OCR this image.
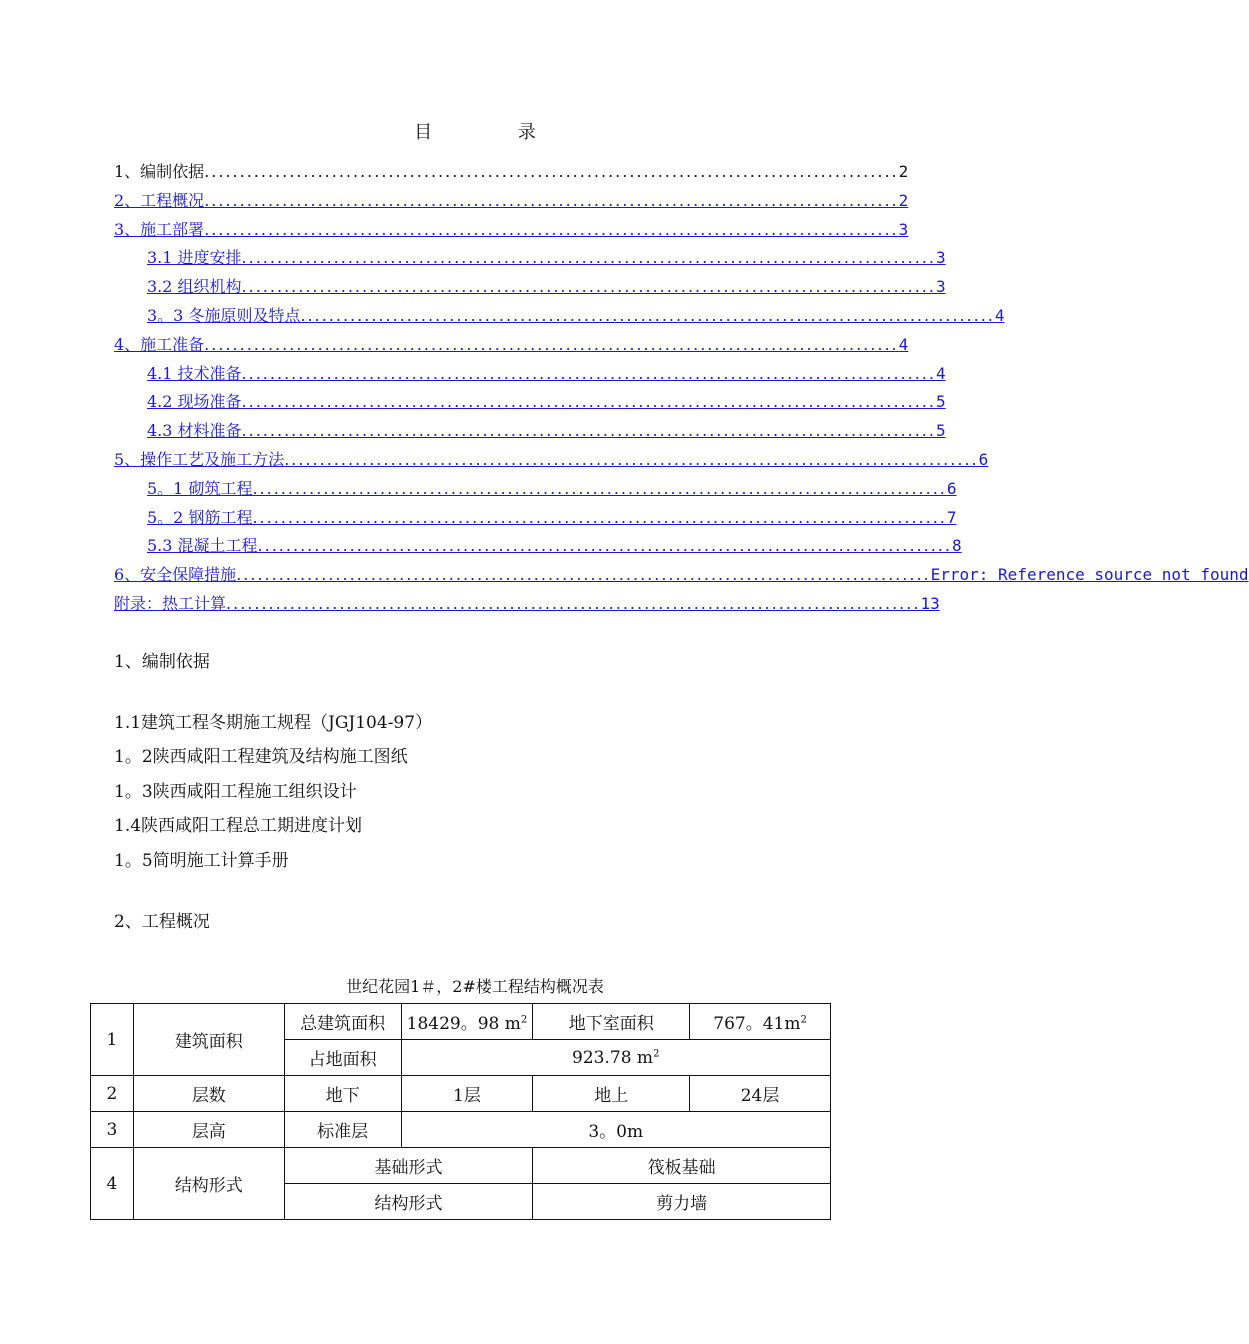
目 录
1、编制依据 .................................................................................................. 2
2、工程概况 .................................................................................................. 2
3、施工部署 .................................................................................................. 3
3.1 进度安排 .................................................................................................. 3
3.2 组织机构 .................................................................................................. 3
3。3 冬施原则及特点 .................................................................................................. 4
4、施工准备 .................................................................................................. 4
4.1 技术准备 .................................................................................................. 4
4.2 现场准备 .................................................................................................. 5
4.3 材料准备 .................................................................................................. 5
5、操作工艺及施工方法 .................................................................................................. 6
5。1 砌筑工程 .................................................................................................. 6
5。2 钢筋工程 .................................................................................................. 7
5.3 混凝土工程 .................................................................................................. 8
6、安全保障措施 .................................................................................................. Error: Reference source not found
附录：热工计算 .................................................................................................. 13
1、编制依据
1.1建筑工程冬期施工规程（JGJ104-97）
1。2陕西咸阳工程建筑及结构施工图纸
1。3陕西咸阳工程施工组织设计
1.4陕西咸阳工程总工期进度计划
1。5简明施工计算手册
2、工程概况
世纪花园1＃，2#楼工程结构概况表
1	建筑面积	总建筑面积	18429。98 $m^2$	地下室面积	767。$41m^2$
		占地面积	923.78 $m^2$
2	层数	地下	1层	地上	24层
3	层高	标准层	3。0m		
4	结构形式	基础形式		筏板基础	
		结构形式		剪力墙	
